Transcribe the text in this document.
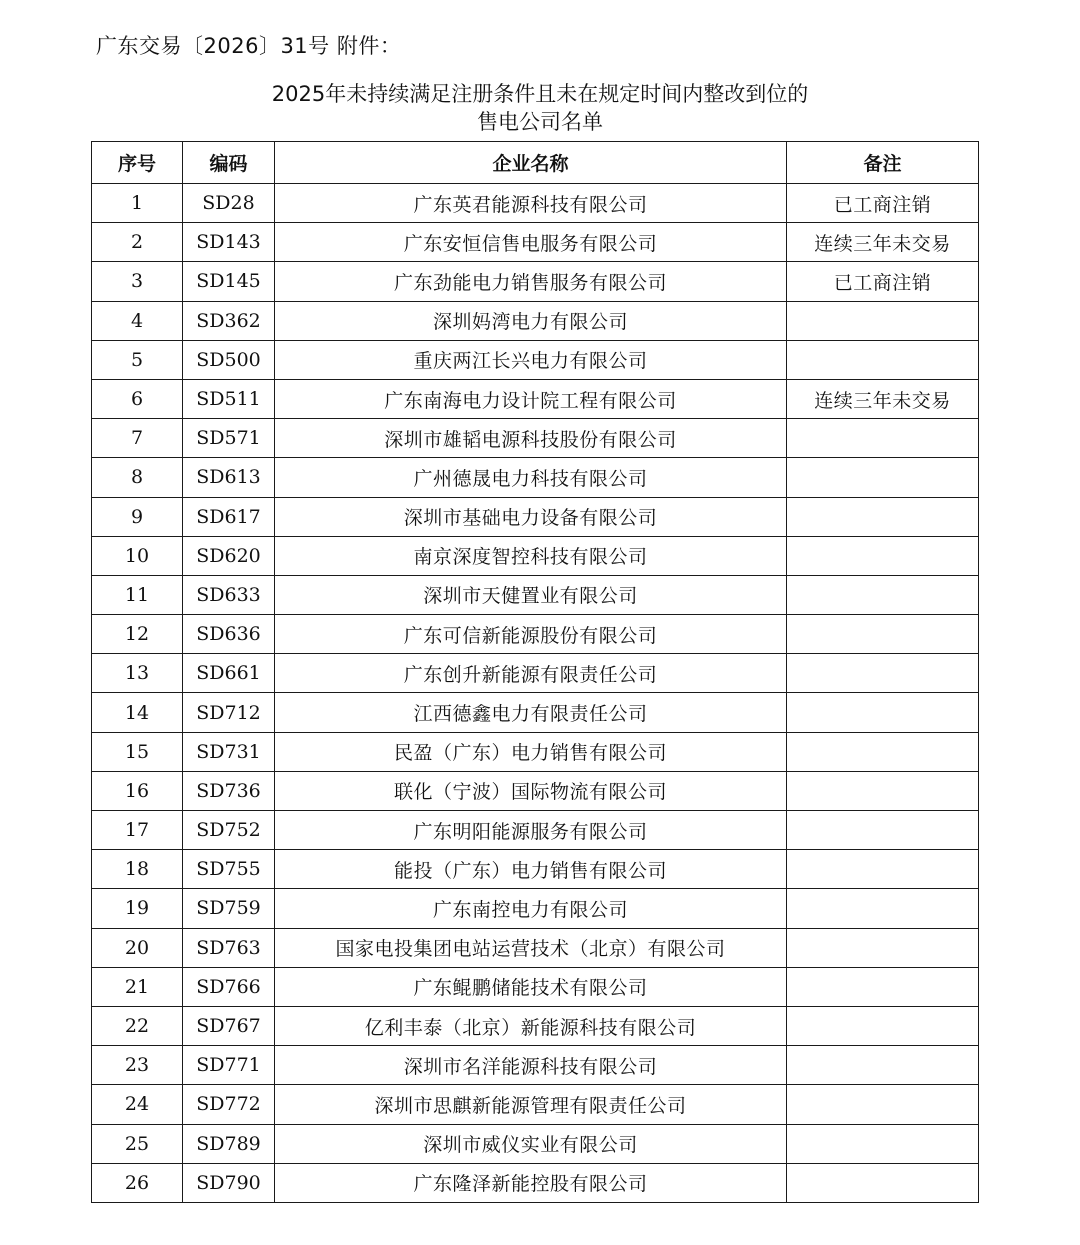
广东交易〔2026〕31号 附件：
2025年未持续满足注册条件且未在规定时间内整改到位的
售电公司名单
序号	编码	企业名称	备注
1	SD28	广东英君能源科技有限公司	已工商注销
2	SD143	广东安恒信售电服务有限公司	连续三年未交易
3	SD145	广东劲能电力销售服务有限公司	已工商注销
4	SD362	深圳妈湾电力有限公司	
5	SD500	重庆两江长兴电力有限公司	
6	SD511	广东南海电力设计院工程有限公司	连续三年未交易
7	SD571	深圳市雄韬电源科技股份有限公司	
8	SD613	广州德晟电力科技有限公司	
9	SD617	深圳市基础电力设备有限公司	
10	SD620	南京深度智控科技有限公司	
11	SD633	深圳市天健置业有限公司	
12	SD636	广东可信新能源股份有限公司	
13	SD661	广东创升新能源有限责任公司	
14	SD712	江西德鑫电力有限责任公司	
15	SD731	民盈（广东）电力销售有限公司	
16	SD736	联化（宁波）国际物流有限公司	
17	SD752	广东明阳能源服务有限公司	
18	SD755	能投（广东）电力销售有限公司	
19	SD759	广东南控电力有限公司	
20	SD763	国家电投集团电站运营技术（北京）有限公司	
21	SD766	广东鲲鹏储能技术有限公司	
22	SD767	亿利丰泰（北京）新能源科技有限公司	
23	SD771	深圳市名洋能源科技有限公司	
24	SD772	深圳市思麒新能源管理有限责任公司	
25	SD789	深圳市威仪实业有限公司	
26	SD790	广东隆泽新能控股有限公司	
